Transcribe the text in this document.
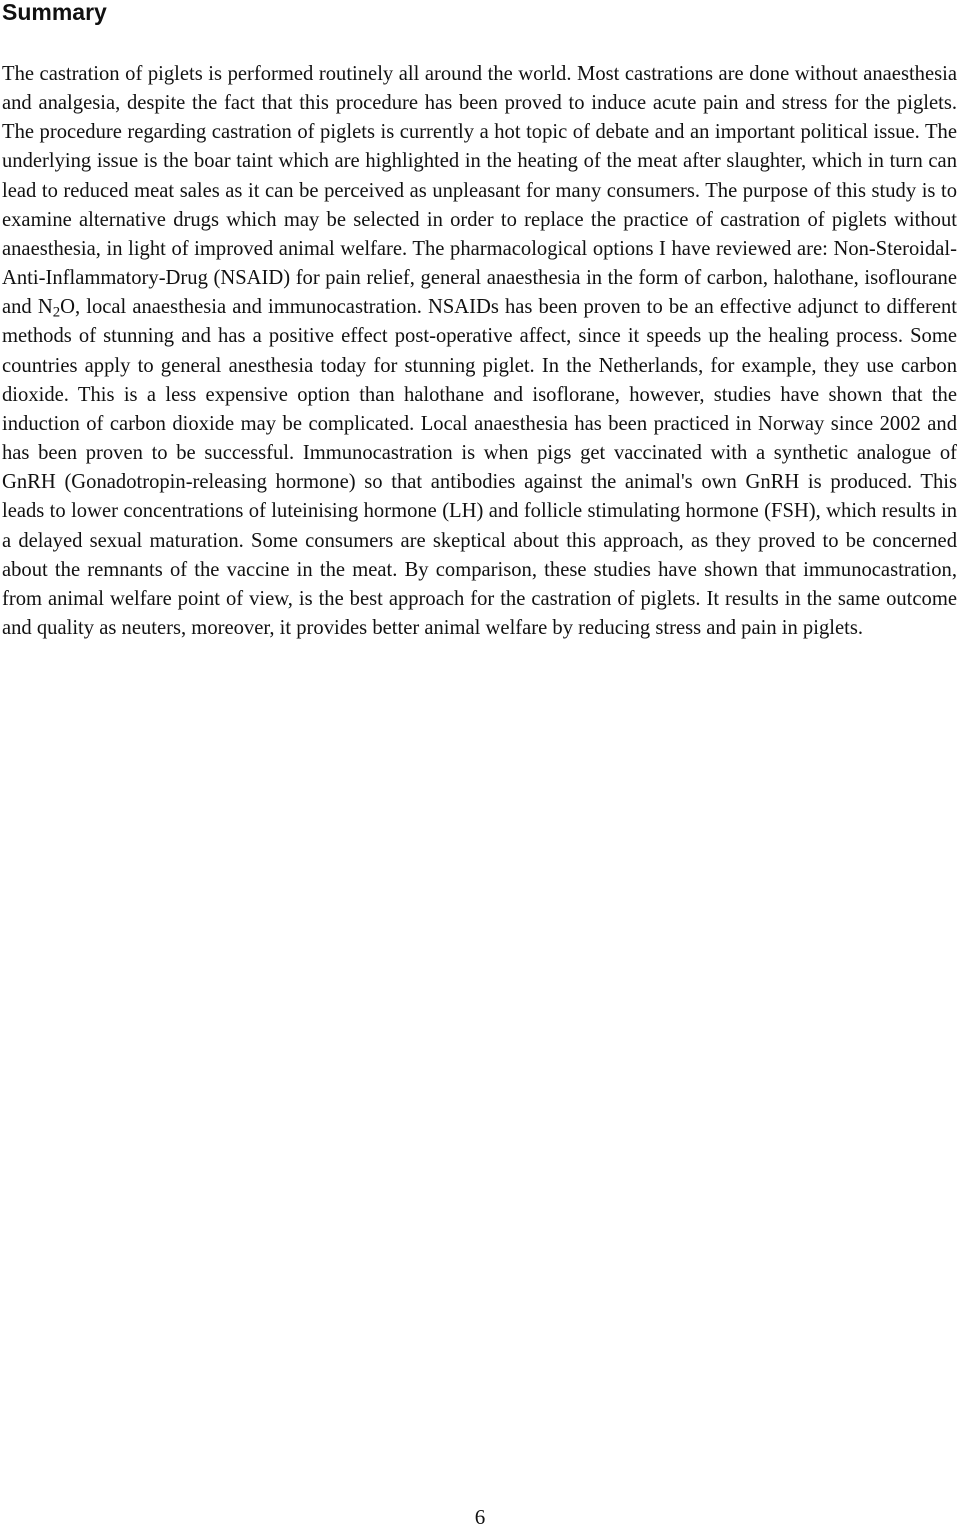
Summary

The castration of piglets is performed routinely all around the world. Most castrations are done without anaesthesia and analgesia, despite the fact that this procedure has been proved to induce acute pain and stress for the piglets. The procedure regarding castration of piglets is currently a hot topic of debate and an important political issue. The underlying issue is the boar taint which are highlighted in the heating of the meat after slaughter, which in turn can lead to reduced meat sales as it can be perceived as unpleasant for many consumers. The purpose of this study is to examine alternative drugs which may be selected in order to replace the practice of castration of piglets without anaesthesia, in light of improved animal welfare. The pharmacological options I have reviewed are: Non-Steroidal-Anti-Inflammatory-Drug (NSAID) for pain relief, general anaesthesia in the form of carbon, halothane, isoflourane and $N_2O$, local anaesthesia and immunocastration. NSAIDs has been proven to be an effective adjunct to different methods of stunning and has a positive effect post-operative affect, since it speeds up the healing process. Some countries apply to general anesthesia today for stunning piglet. In the Netherlands, for example, they use carbon dioxide. This is a less expensive option than halothane and isoflorane, however, studies have shown that the induction of carbon dioxide may be complicated. Local anaesthesia has been practiced in Norway since 2002 and has been proven to be successful. Immunocastration is when pigs get vaccinated with a synthetic analogue of GnRH (Gonadotropin-releasing hormone) so that antibodies against the animal's own GnRH is produced. This leads to lower concentrations of luteinising hormone (LH) and follicle stimulating hormone (FSH), which results in a delayed sexual maturation. Some consumers are skeptical about this approach, as they proved to be concerned about the remnants of the vaccine in the meat. By comparison, these studies have shown that immunocastration, from animal welfare point of view, is the best approach for the castration of piglets. It results in the same outcome and quality as neuters, moreover, it provides better animal welfare by reducing stress and pain in piglets.

6
